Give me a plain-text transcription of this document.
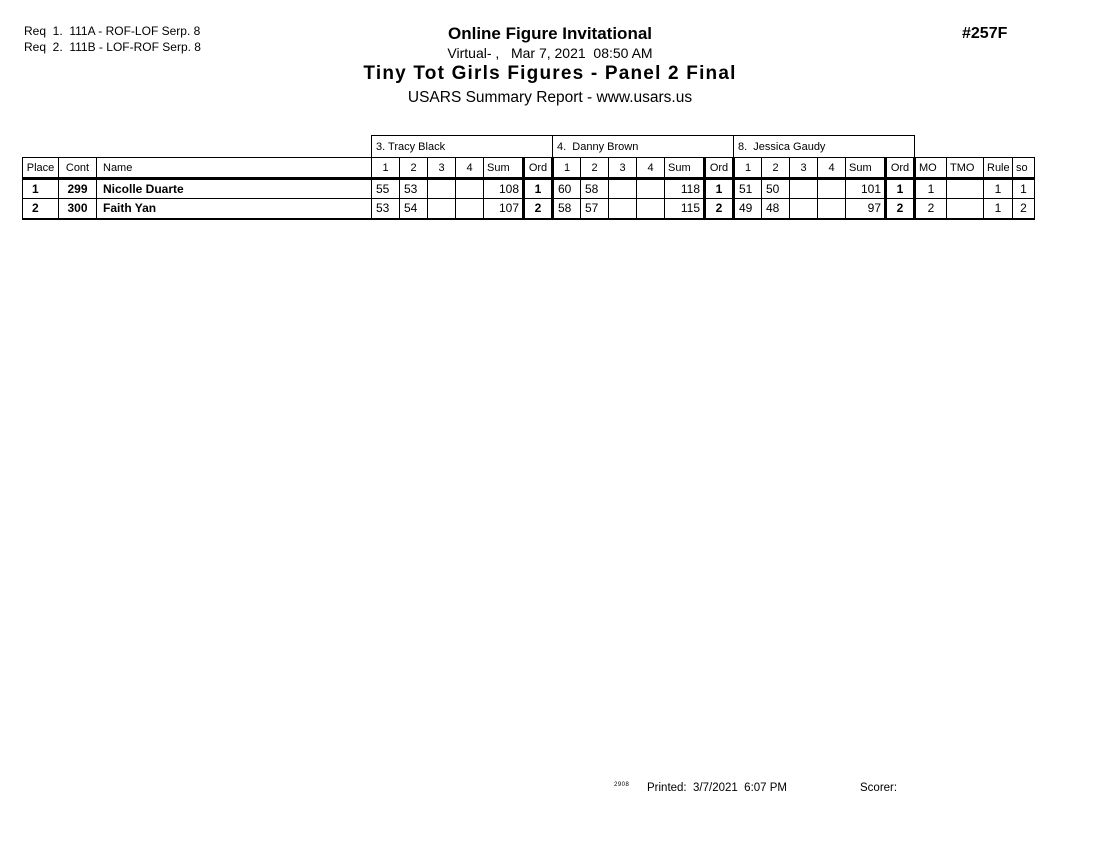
Req  1.  111A - ROF-LOF Serp. 8
Req  2.  111B - LOF-ROF Serp. 8
Online Figure Invitational
Virtual- ,   Mar 7, 2021  08:50 AM
Tiny Tot Girls Figures - Panel 2 Final
USARS Summary Report - www.usars.us
#257F
			3. Tracy Black						4.  Danny Brown						8.  Jessica Gaudy									
Place	Cont	Name	1	2	3	4	Sum	Ord	1	2	3	4	Sum	Ord	1	2	3	4	Sum	Ord	MO	TMO	Rule	so
1	299	Nicolle Duarte	55	53			108	1	60	58			118	1	51	50			101	1	1		1	1
2	300	Faith Yan	53	54			107	2	58	57			115	2	49	48			97	2	2		1	2
2908 Printed:  3/7/2021  6:07 PM	Scorer:
